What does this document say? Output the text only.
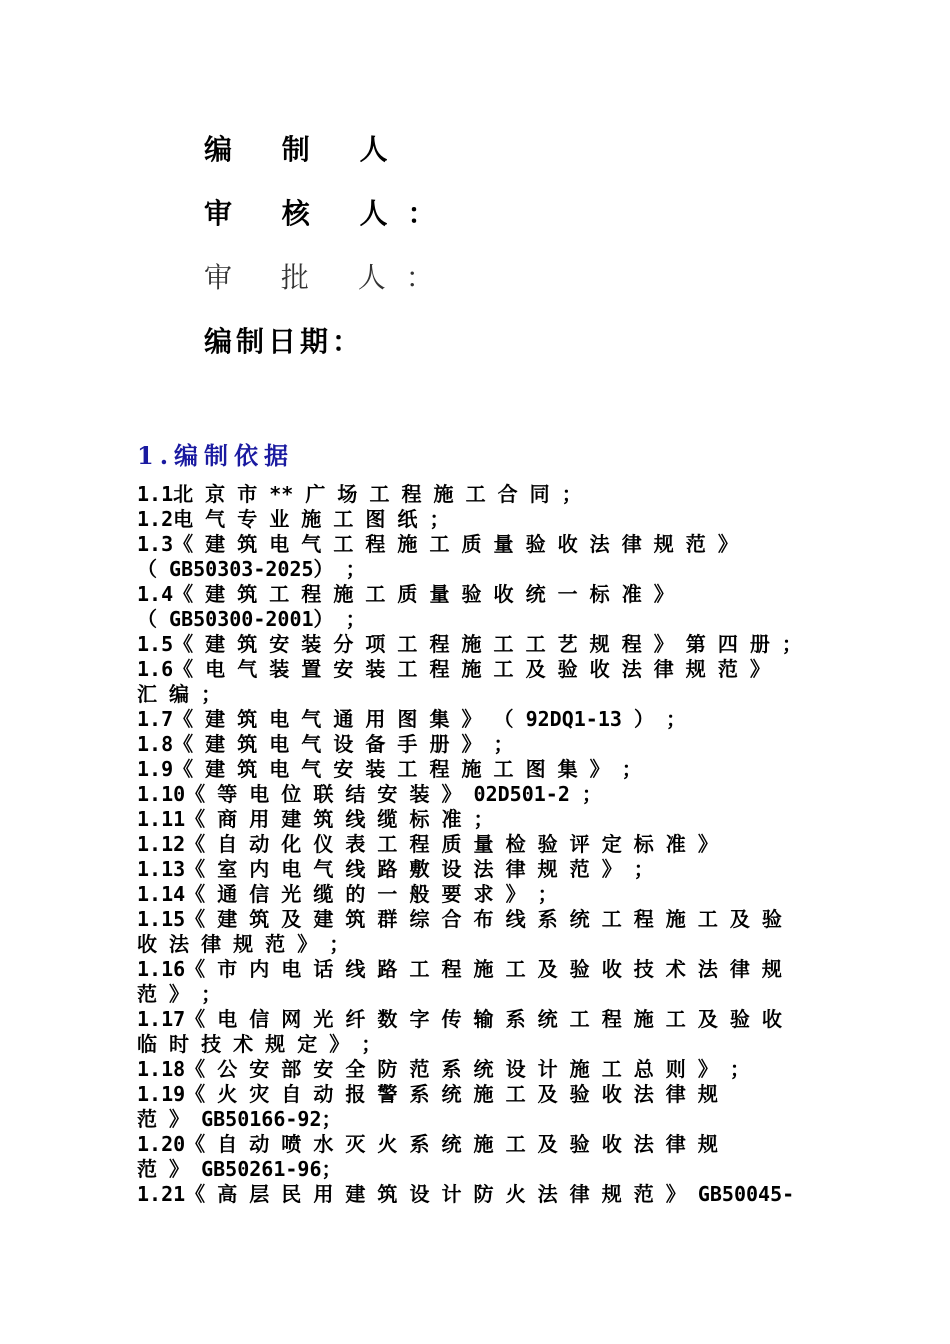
编 制 人
审 核 人：
审 批 人：
编制日期：
1.编制依据
1.1北 京 市 ** 广 场 工 程 施 工 合 同 ；
1.2电 气 专 业 施 工 图 纸 ；
1.3《 建 筑 电 气 工 程 施 工 质 量 验 收 法 律 规 范 》
（ GB50303-2025） ；
1.4《 建 筑 工 程 施 工 质 量 验 收 统 一 标 准 》
（ GB50300-2001） ；
1.5《 建 筑 安 装 分 项 工 程 施 工 工 艺 规 程 》 第 四 册 ；
1.6《 电 气 装 置 安 装 工 程 施 工 及 验 收 法 律 规 范 》
汇 编 ；
1.7《 建 筑 电 气 通 用 图 集 》 （ 92DQ1-13 ） ；
1.8《 建 筑 电 气 设 备 手 册 》 ；
1.9《 建 筑 电 气 安 装 工 程 施 工 图 集 》 ；
1.10《 等 电 位 联 结 安 装 》 02D501-2 ；
1.11《 商 用 建 筑 线 缆 标 准 ；
1.12《 自 动 化 仪 表 工 程 质 量 检 验 评 定 标 准 》
1.13《 室 内 电 气 线 路 敷 设 法 律 规 范 》 ；
1.14《 通 信 光 缆 的 一 般 要 求 》 ；
1.15《 建 筑 及 建 筑 群 综 合 布 线 系 统 工 程 施 工 及 验
收 法 律 规 范 》 ；
1.16《 市 内 电 话 线 路 工 程 施 工 及 验 收 技 术 法 律 规
范 》 ；
1.17《 电 信 网 光 纤 数 字 传 输 系 统 工 程 施 工 及 验 收
临 时 技 术 规 定 》 ；
1.18《 公 安 部 安 全 防 范 系 统 设 计 施 工 总 则 》 ；
1.19《 火 灾 自 动 报 警 系 统 施 工 及 验 收 法 律 规
范 》 GB50166-92；
1.20《 自 动 喷 水 灭 火 系 统 施 工 及 验 收 法 律 规
范 》 GB50261-96；
1.21《 高 层 民 用 建 筑 设 计 防 火 法 律 规 范 》 GB50045-
